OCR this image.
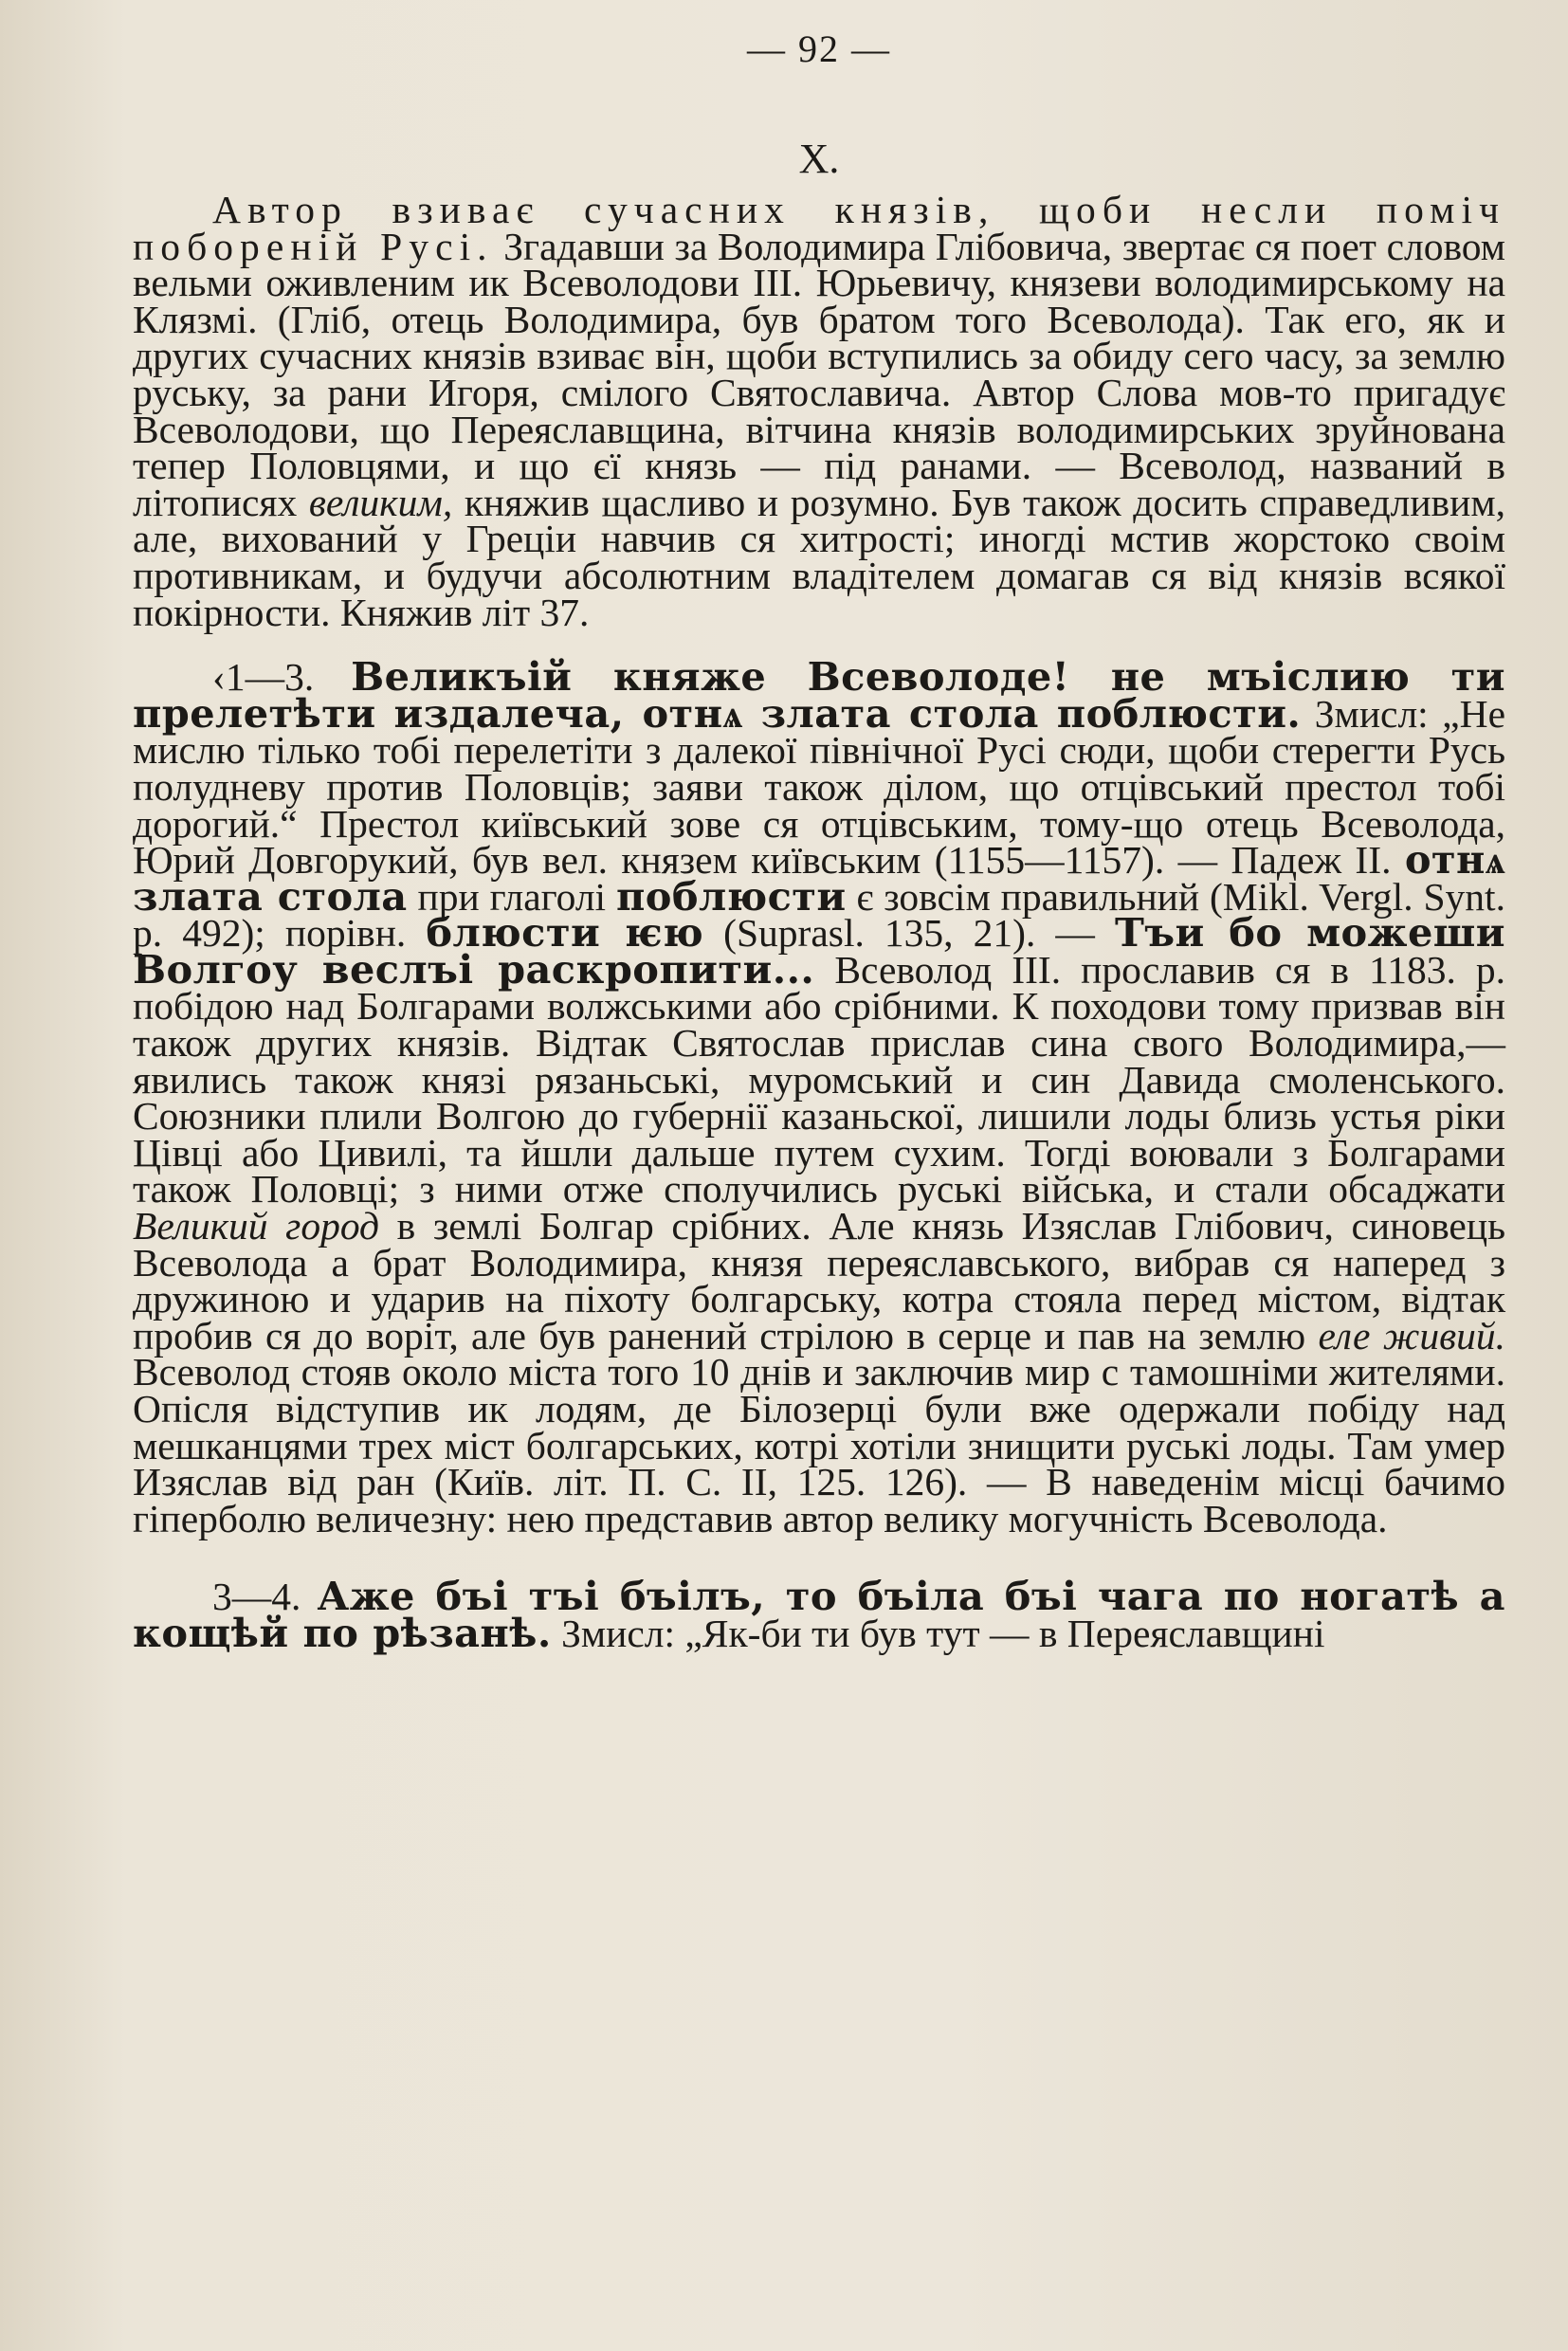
— 92 —
X.

Автор взиває сучасних князів, щоби несли поміч побореній Русі. Згадавши за Володимира Глібовича, звертає ся поет словом вельми оживленим ик Всеволодови III. Юрьевичу, князеви володимирському на Клязмі. (Гліб, отець Володимира, був братом того Всеволода). Так его, як и других сучасних князів взиває він, щоби вступились за обиду сего часу, за землю руську, за рани Игоря, смілого Святославича. Автор Слова мов-то пригадує Всеволодови, що Переяславщина, вітчина князів володимирських зруйнована тепер Половцями, и що єї князь — під ранами. — Всеволод, названий в літописях великим, княжив щасливо и розумно. Був також досить справедливим, але, вихований у Греціи навчив ся хитрості; иногді мстив жорстоко своім противникам, и будучи абсолютним владітелем домагав ся від князів всякої покірности. Княжив літ 37.

‹1—3. Великъій княже Всеволоде! не мъіслию ти прелетѣти издалеча, отнѧ злата стола поблюсти. Змисл: „Не мислю тілько тобі перелетіти з далекої північної Русі сюди, щоби стерегти Русь полудневу против Половців; заяви також ділом, що отцівський престол тобі дорогий.“ Престол київський зове ся отцівським, тому-що отець Всеволода, Юрий Довгорукий, був вел. князем київським (1155—1157). — Падеж II. отнѧ злата стола при глаголі поблюсти є зовсім правильний (Mikl. Vergl. Synt. p. 492); порівн. блюсти ѥю (Suprasl. 135, 21). — Тъи бо можеши Волгоу веслъі раскропити... Всеволод III. прославив ся в 1183. р. побідою над Болгарами волжськими або срібними. К походови тому призвав він також других князів. Відтак Святослав прислав сина свого Володимира,— явились також князі рязаньські, муромський и син Давида смоленського. Союзники плили Волгою до губернії казаньскої, лишили лоды близь устья ріки Цівці або Цивилі, та йшли дальше путем сухим. Тогді воювали з Болгарами також Половці; з ними отже сполучились руські війська, и стали обсаджати Великий город в землі Болгар срібних. Але князь Изяслав Глібович, синовець Всеволода а брат Володимира, князя переяславського, вибрав ся наперед з дружиною и ударив на піхоту болгарську, котра стояла перед містом, відтак пробив ся до воріт, але був ранений стрілою в серце и пав на землю еле живий. Всеволод стояв около міста того 10 днів и заключив мир с тамошніми жителями. Опісля відступив ик лодям, де Білозерці були вже одержали побіду над мешканцями трех міст болгарських, котрі хотіли знищити руські лоды. Там умер Изяслав від ран (Київ. літ. П. С. II, 125. 126). — В наведенім місці бачимо гіперболю величезну: нею представив автор велику могучність Всеволода.

3—4. Аже бъі тъі бъілъ, то бъіла бъі чага по ногатѣ а кощѣй по рѣзанѣ. Змисл: „Як-би ти був тут — в Переяславщині
